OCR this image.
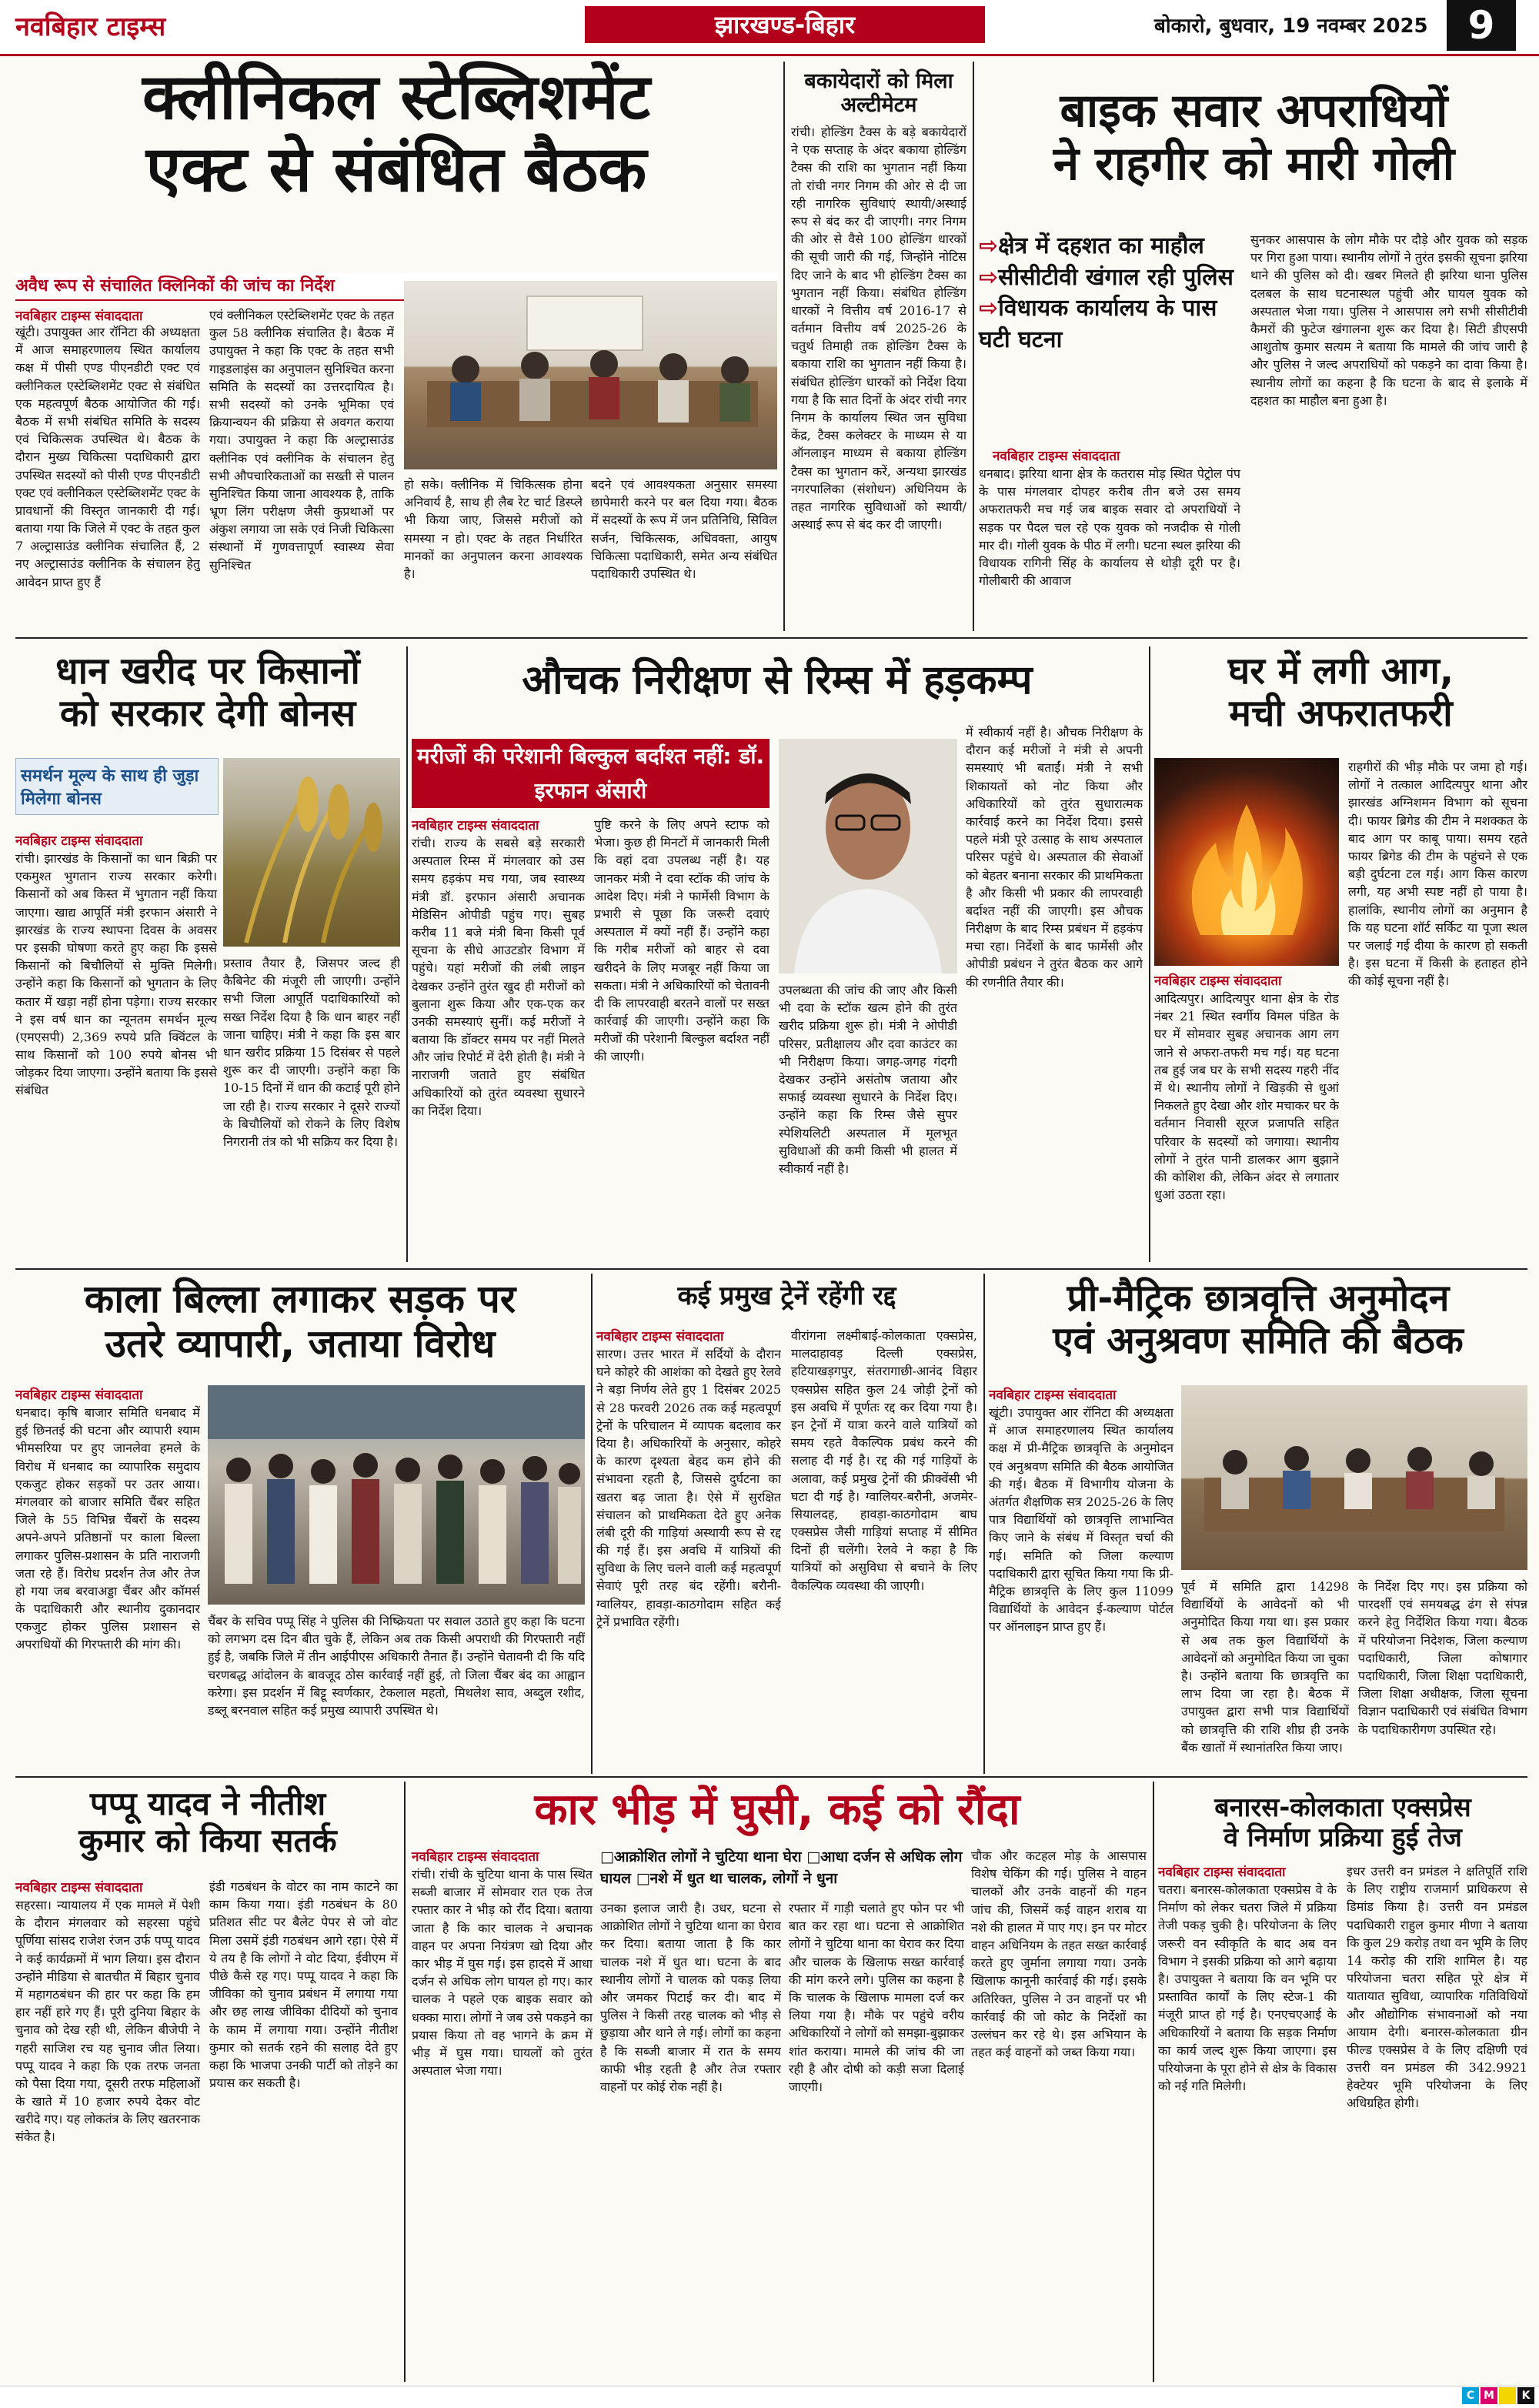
नवबिहार टाइम्स	झारखण्ड-बिहार	बोकारो, बुधवार, 19 नवम्बर 2025	9
क्लीनिकल स्टेब्लिशमेंट
एक्ट से संबंधित बैठक
अवैध रूप से संचालित क्लिनिकों की जांच का निर्देश
नवबिहार टाइम्स संवाददाता
खूंटी। उपायुक्त आर रॉनिटा की अध्यक्षता में आज समाहरणालय स्थित कार्यालय कक्ष में पीसी एण्ड पीएनडीटी एक्ट एवं क्लीनिकल एस्टेब्लिशमेंट एक्ट से संबंधित एक महत्वपूर्ण बैठक आयोजित की गई। बैठक में सभी संबंधित समिति के सदस्य एवं चिकित्सक उपस्थित थे। बैठक के दौरान मुख्य चिकित्सा पदाधिकारी द्वारा उपस्थित सदस्यों को पीसी एण्ड पीएनडीटी एक्ट एवं क्लीनिकल एस्टेब्लिशमेंट एक्ट के प्रावधानों की विस्तृत जानकारी दी गई। बताया गया कि जिले में एक्ट के तहत कुल 7 अल्ट्रासाउंड क्लीनिक संचालित हैं, 2 नए अल्ट्रासाउंड क्लीनिक के संचालन हेतु आवेदन प्राप्त हुए हैं
एवं क्लीनिकल एस्टेब्लिशमेंट एक्ट के तहत कुल 58 क्लीनिक संचालित है। बैठक में उपायुक्त ने कहा कि एक्ट के तहत सभी गाइडलाइंस का अनुपालन सुनिश्चित करना समिति के सदस्यों का उत्तरदायित्व है। सभी सदस्यों को उनके भूमिका एवं क्रियान्वयन की प्रक्रिया से अवगत कराया गया। उपायुक्त ने कहा कि अल्ट्रासाउंड क्लीनिक एवं क्लीनिक के संचालन हेतु सभी औपचारिकताओं का सख्ती से पालन सुनिश्चित किया जाना आवश्यक है, ताकि भ्रूण लिंग परीक्षण जैसी कुप्रथाओं पर अंकुश लगाया जा सके एवं निजी चिकित्सा संस्थानों में गुणवत्तापूर्ण स्वास्थ्य सेवा सुनिश्चित
हो सके। क्लीनिक में चिकित्सक होना अनिवार्य है, साथ ही लैब रेट चार्ट डिस्प्ले भी किया जाए, जिससे मरीजों को समस्या न हो। एक्ट के तहत निर्धारित मानकों का अनुपालन करना आवश्यक है।
बदने एवं आवश्यकता अनुसार समस्या छापेमारी करने पर बल दिया गया। बैठक में सदस्यों के रूप में जन प्रतिनिधि, सिविल सर्जन, चिकित्सक, अधिवक्ता, आयुष चिकित्सा पदाधिकारी, समेत अन्य संबंधित पदाधिकारी उपस्थित थे।
बकायेदारों को मिला अल्टीमेटम
रांची। होल्डिंग टैक्स के बड़े बकायेदारों ने एक सप्ताह के अंदर बकाया होल्डिंग टैक्स की राशि का भुगतान नहीं किया तो रांची नगर निगम की ओर से दी जा रही नागरिक सुविधाएं स्थायी/अस्थाई रूप से बंद कर दी जाएगी। नगर निगम की ओर से वैसे 100 होल्डिंग धारकों की सूची जारी की गई, जिन्होंने नोटिस दिए जाने के बाद भी होल्डिंग टैक्स का भुगतान नहीं किया। संबंधित होल्डिंग धारकों ने वित्तीय वर्ष 2016-17 से वर्तमान वित्तीय वर्ष 2025-26 के चतुर्थ तिमाही तक होल्डिंग टैक्स के बकाया राशि का भुगतान नहीं किया है। संबंधित होल्डिंग धारकों को निर्देश दिया गया है कि सात दिनों के अंदर रांची नगर निगम के कार्यालय स्थित जन सुविधा केंद्र, टैक्स कलेक्टर के माध्यम से या ऑनलाइन माध्यम से बकाया होल्डिंग टैक्स का भुगतान करें, अन्यथा झारखंड नगरपालिका (संशोधन) अधिनियम के तहत नागरिक सुविधाओं को स्थायी/अस्थाई रूप से बंद कर दी जाएगी।
बाइक सवार अपराधियों
ने राहगीर को मारी गोली
⇨क्षेत्र में दहशत का माहौल
⇨सीसीटीवी खंगाल रही पुलिस
⇨विधायक कार्यालय के पास घटी घटना
नवबिहार टाइम्स संवाददाता
धनबाद। झरिया थाना क्षेत्र के कतरास मोड़ स्थित पेट्रोल पंप के पास मंगलवार दोपहर करीब तीन बजे उस समय अफरातफरी मच गई जब बाइक सवार दो अपराधियों ने सड़क पर पैदल चल रहे एक युवक को नजदीक से गोली मार दी। गोली युवक के पीठ में लगी। घटना स्थल झरिया की विधायक रागिनी सिंह के कार्यालय से थोड़ी दूरी पर है। गोलीबारी की आवाज
सुनकर आसपास के लोग मौके पर दौड़े और युवक को सड़क पर गिरा हुआ पाया। स्थानीय लोगों ने तुरंत इसकी सूचना झरिया थाने की पुलिस को दी। खबर मिलते ही झरिया थाना पुलिस दलबल के साथ घटनास्थल पहुंची और घायल युवक को अस्पताल भेजा गया। पुलिस ने आसपास लगे सभी सीसीटीवी कैमरों की फुटेज खंगालना शुरू कर दिया है। सिटी डीएसपी आशुतोष कुमार सत्यम ने बताया कि मामले की जांच जारी है और पुलिस ने जल्द अपराधियों को पकड़ने का दावा किया है। स्थानीय लोगों का कहना है कि घटना के बाद से इलाके में दहशत का माहौल बना हुआ है।
धान खरीद पर किसानों
को सरकार देगी बोनस
समर्थन मूल्य के साथ ही जुड़ा मिलेगा बोनस
नवबिहार टाइम्स संवाददाता
रांची। झारखंड के किसानों का धान बिक्री पर एकमुश्त भुगतान राज्य सरकार करेगी। किसानों को अब किस्त में भुगतान नहीं किया जाएगा। खाद्य आपूर्ति मंत्री इरफान अंसारी ने झारखंड के राज्य स्थापना दिवस के अवसर पर इसकी घोषणा करते हुए कहा कि इससे किसानों को बिचौलियों से मुक्ति मिलेगी। उन्होंने कहा कि किसानों को भुगतान के लिए कतार में खड़ा नहीं होना पड़ेगा। राज्य सरकार ने इस वर्ष धान का न्यूनतम समर्थन मूल्य (एमएसपी) 2,369 रुपये प्रति क्विंटल के साथ किसानों को 100 रुपये बोनस भी जोड़कर दिया जाएगा। उन्होंने बताया कि इससे संबंधित
प्रस्ताव तैयार है, जिसपर जल्द ही कैबिनेट की मंजूरी ली जाएगी। उन्होंने सभी जिला आपूर्ति पदाधिकारियों को सख्त निर्देश दिया है कि धान बाहर नहीं जाना चाहिए। मंत्री ने कहा कि इस बार धान खरीद प्रक्रिया 15 दिसंबर से पहले शुरू कर दी जाएगी। उन्होंने कहा कि 10-15 दिनों में धान की कटाई पूरी होने जा रही है। राज्य सरकार ने दूसरे राज्यों के बिचौलियों को रोकने के लिए विशेष निगरानी तंत्र को भी सक्रिय कर दिया है।
औचक निरीक्षण से रिम्स में हड़कम्प
मरीजों की परेशानी बिल्कुल बर्दाश्त नहीं: डॉ. इरफान अंसारी
नवबिहार टाइम्स संवाददाता
रांची। राज्य के सबसे बड़े सरकारी अस्पताल रिम्स में मंगलवार को उस समय हड़कंप मच गया, जब स्वास्थ्य मंत्री डॉ. इरफान अंसारी अचानक मेडिसिन ओपीडी पहुंच गए। सुबह करीब 11 बजे मंत्री बिना किसी पूर्व सूचना के सीधे आउटडोर विभाग में पहुंचे। यहां मरीजों की लंबी लाइन देखकर उन्होंने तुरंत खुद ही मरीजों को बुलाना शुरू किया और एक-एक कर उनकी समस्याएं सुनीं। कई मरीजों ने बताया कि डॉक्टर समय पर नहीं मिलते और जांच रिपोर्ट में देरी होती है। मंत्री ने नाराजगी जताते हुए संबंधित अधिकारियों को तुरंत व्यवस्था सुधारने का निर्देश दिया।
पुष्टि करने के लिए अपने स्टाफ को भेजा। कुछ ही मिनटों में जानकारी मिली कि वहां दवा उपलब्ध नहीं है। यह जानकर मंत्री ने दवा स्टॉक की जांच के आदेश दिए। मंत्री ने फार्मेसी विभाग के प्रभारी से पूछा कि जरूरी दवाएं अस्पताल में क्यों नहीं हैं। उन्होंने कहा कि गरीब मरीजों को बाहर से दवा खरीदने के लिए मजबूर नहीं किया जा सकता। मंत्री ने अधिकारियों को चेतावनी दी कि लापरवाही बरतने वालों पर सख्त कार्रवाई की जाएगी। उन्होंने कहा कि मरीजों की परेशानी बिल्कुल बर्दाश्त नहीं की जाएगी।
उपलब्धता की जांच की जाए और किसी भी दवा के स्टॉक खत्म होने की तुरंत खरीद प्रक्रिया शुरू हो। मंत्री ने ओपीडी परिसर, प्रतीक्षालय और दवा काउंटर का भी निरीक्षण किया। जगह-जगह गंदगी देखकर उन्होंने असंतोष जताया और सफाई व्यवस्था सुधारने के निर्देश दिए। उन्होंने कहा कि रिम्स जैसे सुपर स्पेशियलिटी अस्पताल में मूलभूत सुविधाओं की कमी किसी भी हालत में स्वीकार्य नहीं है।
में स्वीकार्य नहीं है। औचक निरीक्षण के दौरान कई मरीजों ने मंत्री से अपनी समस्याएं भी बताईं। मंत्री ने सभी शिकायतों को नोट किया और अधिकारियों को तुरंत सुधारात्मक कार्रवाई करने का निर्देश दिया। इससे पहले मंत्री पूरे उत्साह के साथ अस्पताल परिसर पहुंचे थे। अस्पताल की सेवाओं को बेहतर बनाना सरकार की प्राथमिकता है और किसी भी प्रकार की लापरवाही बर्दाश्त नहीं की जाएगी। इस औचक निरीक्षण के बाद रिम्स प्रबंधन में हड़कंप मचा रहा। निर्देशों के बाद फार्मेसी और ओपीडी प्रबंधन ने तुरंत बैठक कर आगे की रणनीति तैयार की।
घर में लगी आग,
मची अफरातफरी
नवबिहार टाइम्स संवाददाता
आदित्यपुर। आदित्यपुर थाना क्षेत्र के रोड नंबर 21 स्थित स्वर्गीय विमल पंडित के घर में सोमवार सुबह अचानक आग लग जाने से अफरा-तफरी मच गई। यह घटना तब हुई जब घर के सभी सदस्य गहरी नींद में थे। स्थानीय लोगों ने खिड़की से धुआं निकलते हुए देखा और शोर मचाकर घर के वर्तमान निवासी सूरज प्रजापति सहित परिवार के सदस्यों को जगाया। स्थानीय लोगों ने तुरंत पानी डालकर आग बुझाने की कोशिश की, लेकिन अंदर से लगातार धुआं उठता रहा।
राहगीरों की भीड़ मौके पर जमा हो गई। लोगों ने तत्काल आदित्यपुर थाना और झारखंड अग्निशमन विभाग को सूचना दी। फायर ब्रिगेड की टीम ने मशक्कत के बाद आग पर काबू पाया। समय रहते फायर ब्रिगेड की टीम के पहुंचने से एक बड़ी दुर्घटना टल गई। आग किस कारण लगी, यह अभी स्पष्ट नहीं हो पाया है। हालांकि, स्थानीय लोगों का अनुमान है कि यह घटना शॉर्ट सर्किट या पूजा स्थल पर जलाई गई दीया के कारण हो सकती है। इस घटना में किसी के हताहत होने की कोई सूचना नहीं है।
काला बिल्ला लगाकर सड़क पर
उतरे व्यापारी, जताया विरोध
नवबिहार टाइम्स संवाददाता
धनबाद। कृषि बाजार समिति धनबाद में हुई छिनतई की घटना और व्यापारी श्याम भीमसरिया पर हुए जानलेवा हमले के विरोध में धनबाद का व्यापारिक समुदाय एकजुट होकर सड़कों पर उतर आया। मंगलवार को बाजार समिति चैंबर सहित जिले के 55 विभिन्न चैंबरों के सदस्य अपने-अपने प्रतिष्ठानों पर काला बिल्ला लगाकर पुलिस-प्रशासन के प्रति नाराजगी जता रहे हैं। विरोध प्रदर्शन तेज और तेज हो गया जब बरवाअड्डा चैंबर और कॉमर्स के पदाधिकारी और स्थानीय दुकानदार एकजुट होकर पुलिस प्रशासन से अपराधियों की गिरफ्तारी की मांग की।
चैंबर के सचिव पप्पू सिंह ने पुलिस की निष्क्रियता पर सवाल उठाते हुए कहा कि घटना को लगभग दस दिन बीत चुके हैं, लेकिन अब तक किसी अपराधी की गिरफ्तारी नहीं हुई है, जबकि जिले में तीन आईपीएस अधिकारी तैनात हैं। उन्होंने चेतावनी दी कि यदि चरणबद्ध आंदोलन के बावजूद ठोस कार्रवाई नहीं हुई, तो जिला चैंबर बंद का आह्वान करेगा। इस प्रदर्शन में बिट्टू स्वर्णकार, टेकलाल महतो, मिथलेश साव, अब्दुल रशीद, डब्लू बरनवाल सहित कई प्रमुख व्यापारी उपस्थित थे।
कई प्रमुख ट्रेनें रहेंगी रद्द
नवबिहार टाइम्स संवाददाता
सारण। उत्तर भारत में सर्दियों के दौरान घने कोहरे की आशंका को देखते हुए रेलवे ने बड़ा निर्णय लेते हुए 1 दिसंबर 2025 से 28 फरवरी 2026 तक कई महत्वपूर्ण ट्रेनों के परिचालन में व्यापक बदलाव कर दिया है। अधिकारियों के अनुसार, कोहरे के कारण दृश्यता बेहद कम होने की संभावना रहती है, जिससे दुर्घटना का खतरा बढ़ जाता है। ऐसे में सुरक्षित संचालन को प्राथमिकता देते हुए अनेक लंबी दूरी की गाड़ियां अस्थायी रूप से रद्द की गई हैं। इस अवधि में यात्रियों की सुविधा के लिए चलने वाली कई महत्वपूर्ण सेवाएं पूरी तरह बंद रहेंगी। बरौनी-ग्वालियर, हावड़ा-काठगोदाम सहित कई ट्रेनें प्रभावित रहेंगी।
वीरांगना लक्ष्मीबाई-कोलकाता एक्सप्रेस, मालदाहावड़ दिल्ली एक्सप्रेस, हटियाखड़गपुर, संतरागाछी-आनंद विहार एक्सप्रेस सहित कुल 24 जोड़ी ट्रेनों को इस अवधि में पूर्णतः रद्द कर दिया गया है। इन ट्रेनों में यात्रा करने वाले यात्रियों को समय रहते वैकल्पिक प्रबंध करने की सलाह दी गई है। रद्द की गई गाड़ियों के अलावा, कई प्रमुख ट्रेनों की फ्रीक्वेंसी भी घटा दी गई है। ग्वालियर-बरौनी, अजमेर-सियालदह, हावड़ा-काठगोदाम बाघ एक्सप्रेस जैसी गाड़ियां सप्ताह में सीमित दिनों ही चलेंगी। रेलवे ने कहा है कि यात्रियों को असुविधा से बचाने के लिए वैकल्पिक व्यवस्था की जाएगी।
प्री-मैट्रिक छात्रवृत्ति अनुमोदन
एवं अनुश्रवण समिति की बैठक
नवबिहार टाइम्स संवाददाता
खूंटी। उपायुक्त आर रॉनिटा की अध्यक्षता में आज समाहरणालय स्थित कार्यालय कक्ष में प्री-मैट्रिक छात्रवृत्ति के अनुमोदन एवं अनुश्रवण समिति की बैठक आयोजित की गई। बैठक में विभागीय योजना के अंतर्गत शैक्षणिक सत्र 2025-26 के लिए पात्र विद्यार्थियों को छात्रवृत्ति लाभान्वित किए जाने के संबंध में विस्तृत चर्चा की गई। समिति को जिला कल्याण पदाधिकारी द्वारा सूचित किया गया कि प्री-मैट्रिक छात्रवृत्ति के लिए कुल 11099 विद्यार्थियों के आवेदन ई-कल्याण पोर्टल पर ऑनलाइन प्राप्त हुए हैं।
पूर्व में समिति द्वारा 14298 विद्यार्थियों के आवेदनों को भी अनुमोदित किया गया था। इस प्रकार से अब तक कुल विद्यार्थियों के आवेदनों को अनुमोदित किया जा चुका है। उन्होंने बताया कि छात्रवृत्ति का लाभ दिया जा रहा है। बैठक में उपायुक्त द्वारा सभी पात्र विद्यार्थियों को छात्रवृत्ति की राशि शीघ्र ही उनके बैंक खातों में स्थानांतरित किया जाए।
के निर्देश दिए गए। इस प्रक्रिया को पारदर्शी एवं समयबद्ध ढंग से संपन्न करने हेतु निर्देशित किया गया। बैठक में परियोजना निदेशक, जिला कल्याण पदाधिकारी, जिला कोषागार पदाधिकारी, जिला शिक्षा पदाधिकारी, जिला शिक्षा अधीक्षक, जिला सूचना विज्ञान पदाधिकारी एवं संबंधित विभाग के पदाधिकारीगण उपस्थित रहे।
पप्पू यादव ने नीतीश
कुमार को किया सतर्क
नवबिहार टाइम्स संवाददाता
सहरसा। न्यायालय में एक मामले में पेशी के दौरान मंगलवार को सहरसा पहुंचे पूर्णिया सांसद राजेश रंजन उर्फ पप्पू यादव ने कई कार्यक्रमों में भाग लिया। इस दौरान उन्होंने मीडिया से बातचीत में बिहार चुनाव में महागठबंधन की हार पर कहा कि हम हार नहीं हारे गए हैं। पूरी दुनिया बिहार के चुनाव को देख रही थी, लेकिन बीजेपी ने गहरी साजिश रच यह चुनाव जीत लिया। पप्पू यादव ने कहा कि एक तरफ जनता को पैसा दिया गया, दूसरी तरफ महिलाओं के खाते में 10 हजार रुपये देकर वोट खरीदे गए। यह लोकतंत्र के लिए खतरनाक संकेत है।
इंडी गठबंधन के वोटर का नाम काटने का काम किया गया। इंडी गठबंधन के 80 प्रतिशत सीट पर बैलेट पेपर से जो वोट मिला उसमें इंडी गठबंधन आगे रहा। ऐसे में ये तय है कि लोगों ने वोट दिया, ईवीएम में पीछे कैसे रह गए। पप्पू यादव ने कहा कि जीविका को चुनाव प्रबंधन में लगाया गया और छह लाख जीविका दीदियों को चुनाव के काम में लगाया गया। उन्होंने नीतीश कुमार को सतर्क रहने की सलाह देते हुए कहा कि भाजपा उनकी पार्टी को तोड़ने का प्रयास कर सकती है।
कार भीड़ में घुसी, कई को रौंदा
□आक्रोशित लोगों ने चुटिया थाना घेरा □आधा दर्जन से अधिक लोग घायल □नशे में धुत था चालक, लोगों ने धुना
नवबिहार टाइम्स संवाददाता
रांची। रांची के चुटिया थाना के पास स्थित सब्जी बाजार में सोमवार रात एक तेज रफ्तार कार ने भीड़ को रौंद दिया। बताया जाता है कि कार चालक ने अचानक वाहन पर अपना नियंत्रण खो दिया और कार भीड़ में घुस गई। इस हादसे में आधा दर्जन से अधिक लोग घायल हो गए। कार चालक ने पहले एक बाइक सवार को धक्का मारा। लोगों ने जब उसे पकड़ने का प्रयास किया तो वह भागने के क्रम में भीड़ में घुस गया। घायलों को तुरंत अस्पताल भेजा गया।
उनका इलाज जारी है। उधर, घटना से आक्रोशित लोगों ने चुटिया थाना का घेराव कर दिया। बताया जाता है कि कार चालक नशे में धुत था। घटना के बाद स्थानीय लोगों ने चालक को पकड़ लिया और जमकर पिटाई कर दी। बाद में पुलिस ने किसी तरह चालक को भीड़ से छुड़ाया और थाने ले गई। लोगों का कहना है कि सब्जी बाजार में रात के समय काफी भीड़ रहती है और तेज रफ्तार वाहनों पर कोई रोक नहीं है।
रफ्तार में गाड़ी चलाते हुए फोन पर भी बात कर रहा था। घटना से आक्रोशित लोगों ने चुटिया थाना का घेराव कर दिया और चालक के खिलाफ सख्त कार्रवाई की मांग करने लगे। पुलिस का कहना है कि चालक के खिलाफ मामला दर्ज कर लिया गया है। मौके पर पहुंचे वरीय अधिकारियों ने लोगों को समझा-बुझाकर शांत कराया। मामले की जांच की जा रही है और दोषी को कड़ी सजा दिलाई जाएगी।
चौक और कटहल मोड़ के आसपास विशेष चेकिंग की गई। पुलिस ने वाहन चालकों और उनके वाहनों की गहन जांच की, जिसमें कई वाहन शराब या नशे की हालत में पाए गए। इन पर मोटर वाहन अधिनियम के तहत सख्त कार्रवाई करते हुए जुर्माना लगाया गया। उनके खिलाफ कानूनी कार्रवाई की गई। इसके अतिरिक्त, पुलिस ने उन वाहनों पर भी कार्रवाई की जो कोट के निर्देशों का उल्लंघन कर रहे थे। इस अभियान के तहत कई वाहनों को जब्त किया गया।
बनारस-कोलकाता एक्सप्रेस
वे निर्माण प्रक्रिया हुई तेज
नवबिहार टाइम्स संवाददाता
चतरा। बनारस-कोलकाता एक्सप्रेस वे के निर्माण को लेकर चतरा जिले में प्रक्रिया तेजी पकड़ चुकी है। परियोजना के लिए जरूरी वन स्वीकृति के बाद अब वन विभाग ने इसकी प्रक्रिया को आगे बढ़ाया है। उपायुक्त ने बताया कि वन भूमि पर प्रस्तावित कार्यों के लिए स्टेज-1 की मंजूरी प्राप्त हो गई है। एनएचएआई के अधिकारियों ने बताया कि सड़क निर्माण का कार्य जल्द शुरू किया जाएगा। इस परियोजना के पूरा होने से क्षेत्र के विकास को नई गति मिलेगी।
इधर उत्तरी वन प्रमंडल ने क्षतिपूर्ति राशि के लिए राष्ट्रीय राजमार्ग प्राधिकरण से डिमांड किया है। उत्तरी वन प्रमंडल पदाधिकारी राहुल कुमार मीणा ने बताया कि कुल 29 करोड़ तथा वन भूमि के लिए 14 करोड़ की राशि शामिल है। यह परियोजना चतरा सहित पूरे क्षेत्र में यातायात सुविधा, व्यापारिक गतिविधियों और औद्योगिक संभावनाओं को नया आयाम देगी। बनारस-कोलकाता ग्रीन फील्ड एक्सप्रेस वे के लिए दक्षिणी एवं उत्तरी वन प्रमंडल की 342.9921 हेक्टेयर भूमि परियोजना के लिए अधिग्रहित होगी।
C M	K
